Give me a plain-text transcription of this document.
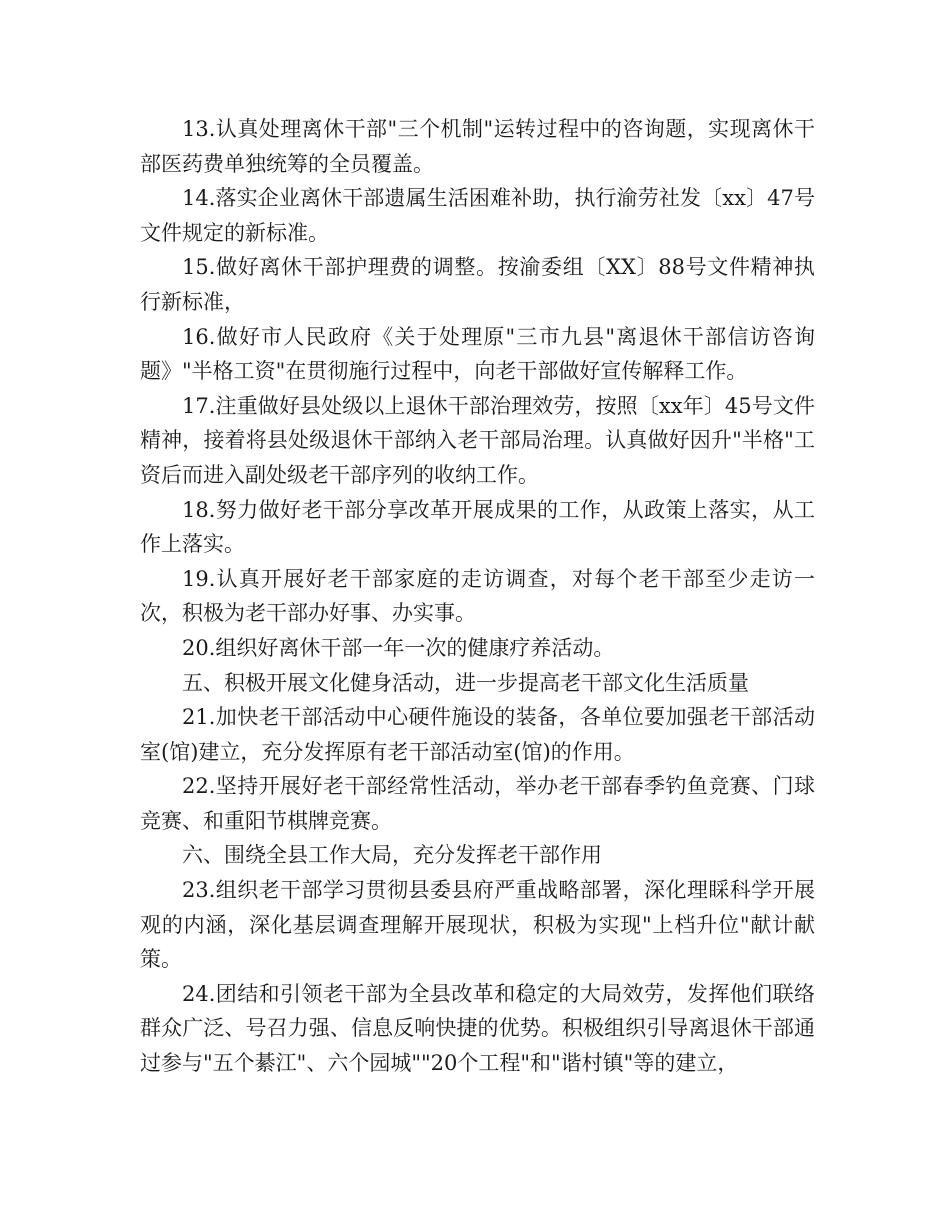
13.认真处理离休干部"三个机制"运转过程中的咨询题，实现离休干部医药费单独统筹的全员覆盖。

14.落实企业离休干部遗属生活困难补助，执行渝劳社发〔xx〕47号文件规定的新标准。

15.做好离休干部护理费的调整。按渝委组〔XX〕88号文件精神执行新标准，

16.做好市人民政府《关于处理原"三市九县"离退休干部信访咨询题》"半格工资"在贯彻施行过程中，向老干部做好宣传解释工作。

17.注重做好县处级以上退休干部治理效劳，按照〔xx年〕45号文件精神，接着将县处级退休干部纳入老干部局治理。认真做好因升"半格"工资后而进入副处级老干部序列的收纳工作。

18.努力做好老干部分享改革开展成果的工作，从政策上落实，从工作上落实。

19.认真开展好老干部家庭的走访调查，对每个老干部至少走访一次，积极为老干部办好事、办实事。

20.组织好离休干部一年一次的健康疗养活动。

五、积极开展文化健身活动，进一步提高老干部文化生活质量

21.加快老干部活动中心硬件施设的装备，各单位要加强老干部活动室(馆)建立，充分发挥原有老干部活动室(馆)的作用。

22.坚持开展好老干部经常性活动，举办老干部春季钓鱼竞赛、门球竞赛、和重阳节棋牌竞赛。

六、围绕全县工作大局，充分发挥老干部作用

23.组织老干部学习贯彻县委县府严重战略部署，深化理睬科学开展观的内涵，深化基层调查理解开展现状，积极为实现"上档升位"献计献策。

24.团结和引领老干部为全县改革和稳定的大局效劳，发挥他们联络群众广泛、号召力强、信息反响快捷的优势。积极组织引导离退休干部通过参与"五个綦江"、六个园城""20个工程"和"谐村镇"等的建立，
